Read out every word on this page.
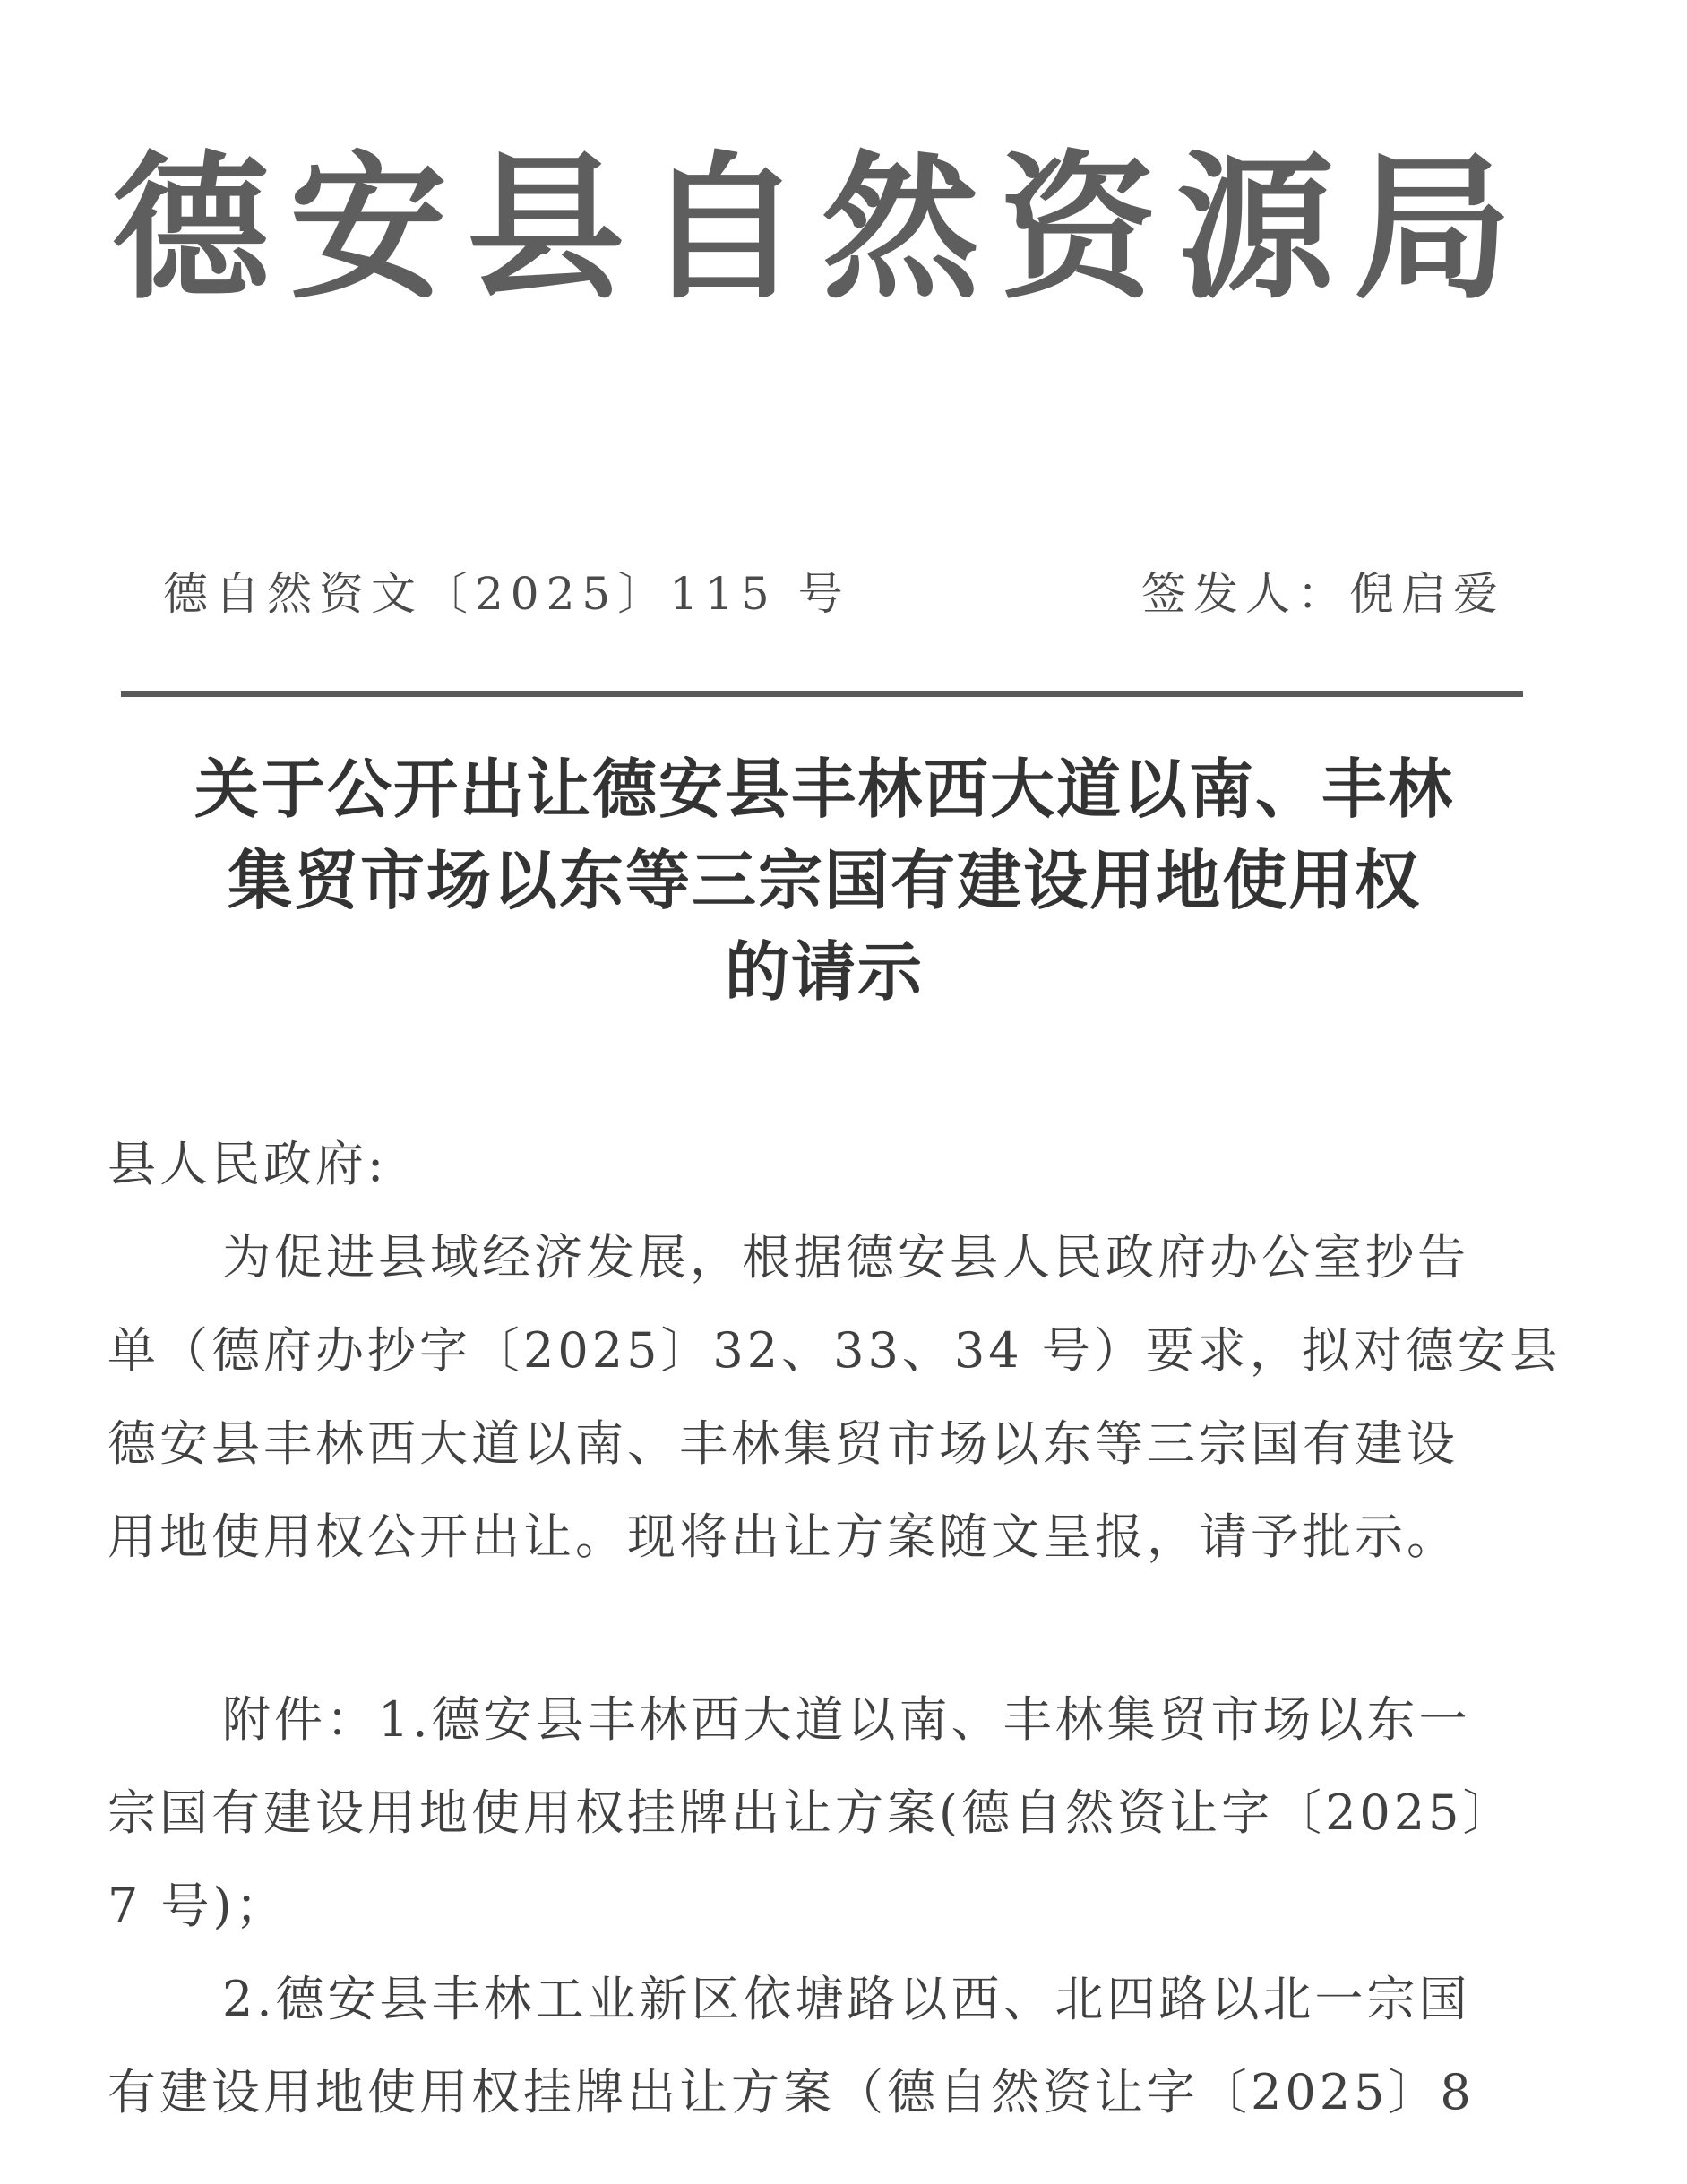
德安县自然资源局
德自然资文〔2025〕115 号	签发人：倪启爱
关于公开出让德安县丰林西大道以南、丰林
集贸市场以东等三宗国有建设用地使用权
的请示
县人民政府:
为促进县域经济发展，根据德安县人民政府办公室抄告
单（德府办抄字〔2025〕32、33、34 号）要求，拟对德安县
德安县丰林西大道以南、丰林集贸市场以东等三宗国有建设
用地使用权公开出让。现将出让方案随文呈报，请予批示。
附件：1.德安县丰林西大道以南、丰林集贸市场以东一
宗国有建设用地使用权挂牌出让方案(德自然资让字〔2025〕
7 号)；
2.德安县丰林工业新区依塘路以西、北四路以北一宗国
有建设用地使用权挂牌出让方案（德自然资让字〔2025〕8
